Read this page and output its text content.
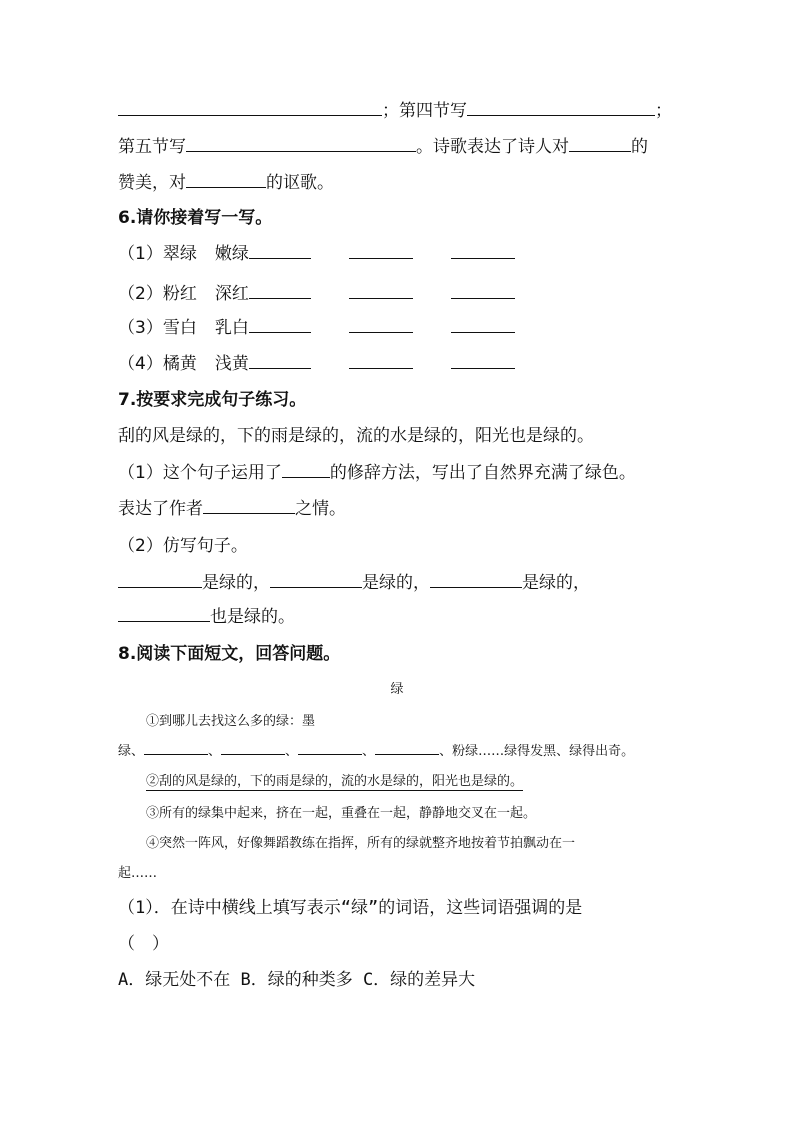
；第四节写	；
第五节写	。诗歌表达了诗人对	的
赞美，对	的讴歌。
6.请你接着写一写。
（1）翠绿 嫩绿
（2）粉红 深红
（3）雪白 乳白
（4）橘黄 浅黄
7.按要求完成句子练习。
刮的风是绿的，下的雨是绿的，流的水是绿的，阳光也是绿的。
（1）这个句子运用了	的修辞方法，写出了自然界充满了绿色。
表达了作者	之情。
（2）仿写句子。
是绿的，	是绿的，	是绿的，
也是绿的。
8.阅读下面短文，回答问题。
绿
①到哪儿去找这么多的绿：墨
绿、	、	、	、	、粉绿……绿得发黑、绿得出奇。
②刮的风是绿的，下的雨是绿的，流的水是绿的，阳光也是绿的。
③所有的绿集中起来，挤在一起，重叠在一起，静静地交叉在一起。
④突然一阵风，好像舞蹈教练在指挥，所有的绿就整齐地按着节拍飘动在一
起……
（1）．在诗中横线上填写表示“绿”的词语，这些词语强调的是
（　）
A．绿无处不在 B．绿的种类多 C．绿的差异大
